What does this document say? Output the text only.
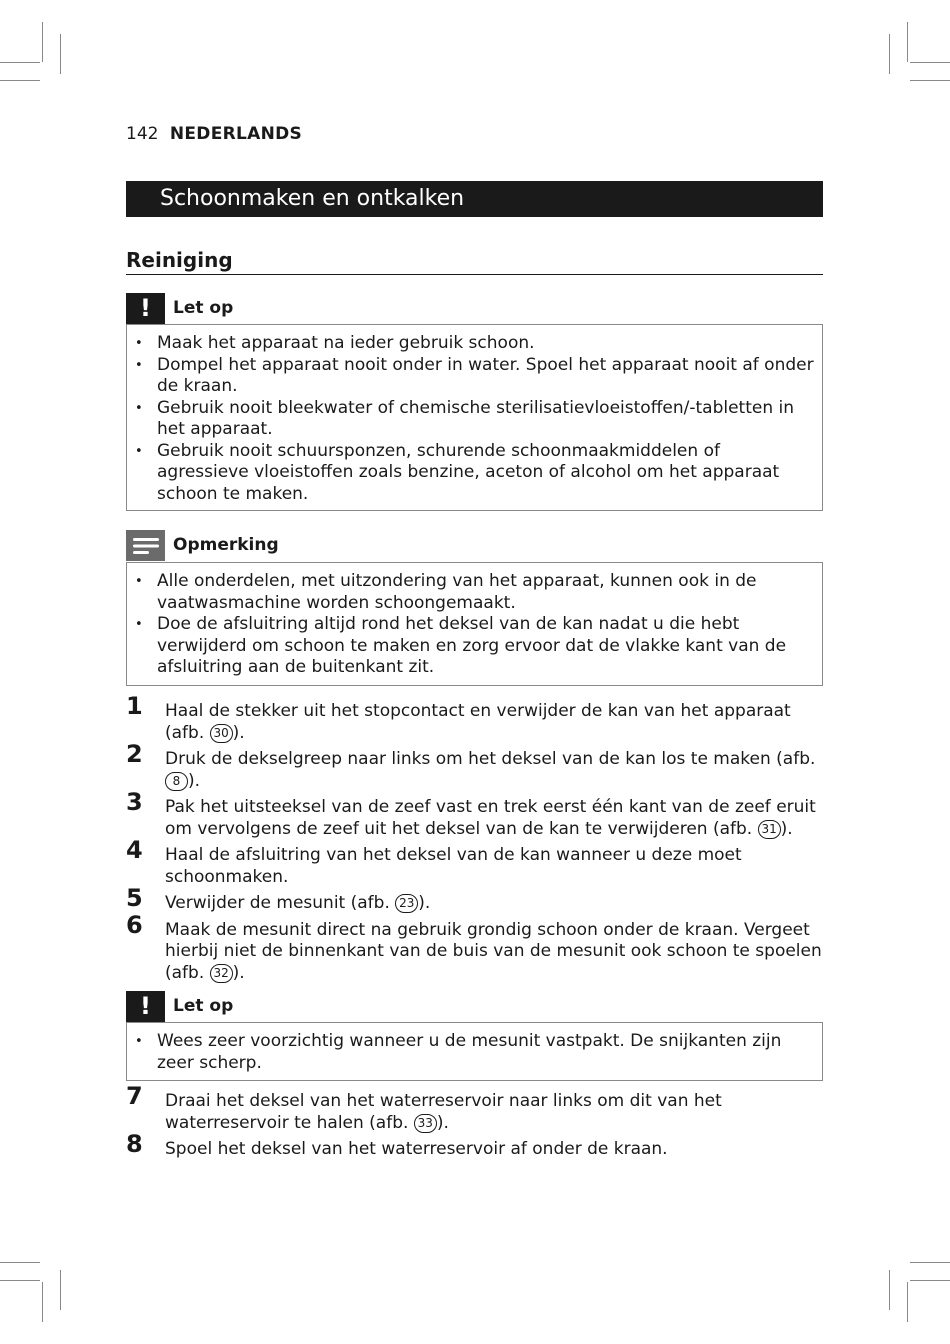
142 NEDERLANDS
Schoonmaken en ontkalken
Reiniging
!	Let op
• Maak het apparaat na ieder gebruik schoon.
• Dompel het apparaat nooit onder in water. Spoel het apparaat nooit af onder de kraan.
• Gebruik nooit bleekwater of chemische sterilisatievloeistoffen/-tabletten in het apparaat.
• Gebruik nooit schuursponzen, schurende schoonmaakmiddelen of agressieve vloeistoffen zoals benzine, aceton of alcohol om het apparaat schoon te maken.
Opmerking
• Alle onderdelen, met uitzondering van het apparaat, kunnen ook in de vaatwasmachine worden schoongemaakt.
• Doe de afsluitring altijd rond het deksel van de kan nadat u die hebt verwijderd om schoon te maken en zorg ervoor dat de vlakke kant van de afsluitring aan de buitenkant zit.
1 Haal de stekker uit het stopcontact en verwijder de kan van het apparaat (afb. 30 ).
2 Druk de dekselgreep naar links om het deksel van de kan los te maken (afb. 8 ).
3 Pak het uitsteeksel van de zeef vast en trek eerst één kant van de zeef eruit om vervolgens de zeef uit het deksel van de kan te verwijderen (afb. 31 ).
4 Haal de afsluitring van het deksel van de kan wanneer u deze moet schoonmaken.
5 Verwijder de mesunit (afb. 23 ).
6 Maak de mesunit direct na gebruik grondig schoon onder de kraan. Vergeet hierbij niet de binnenkant van de buis van de mesunit ook schoon te spoelen (afb. 32 ).
!	Let op
• Wees zeer voorzichtig wanneer u de mesunit vastpakt. De snijkanten zijn zeer scherp.
7 Draai het deksel van het waterreservoir naar links om dit van het waterreservoir te halen (afb. 33 ).
8 Spoel het deksel van het waterreservoir af onder de kraan.
